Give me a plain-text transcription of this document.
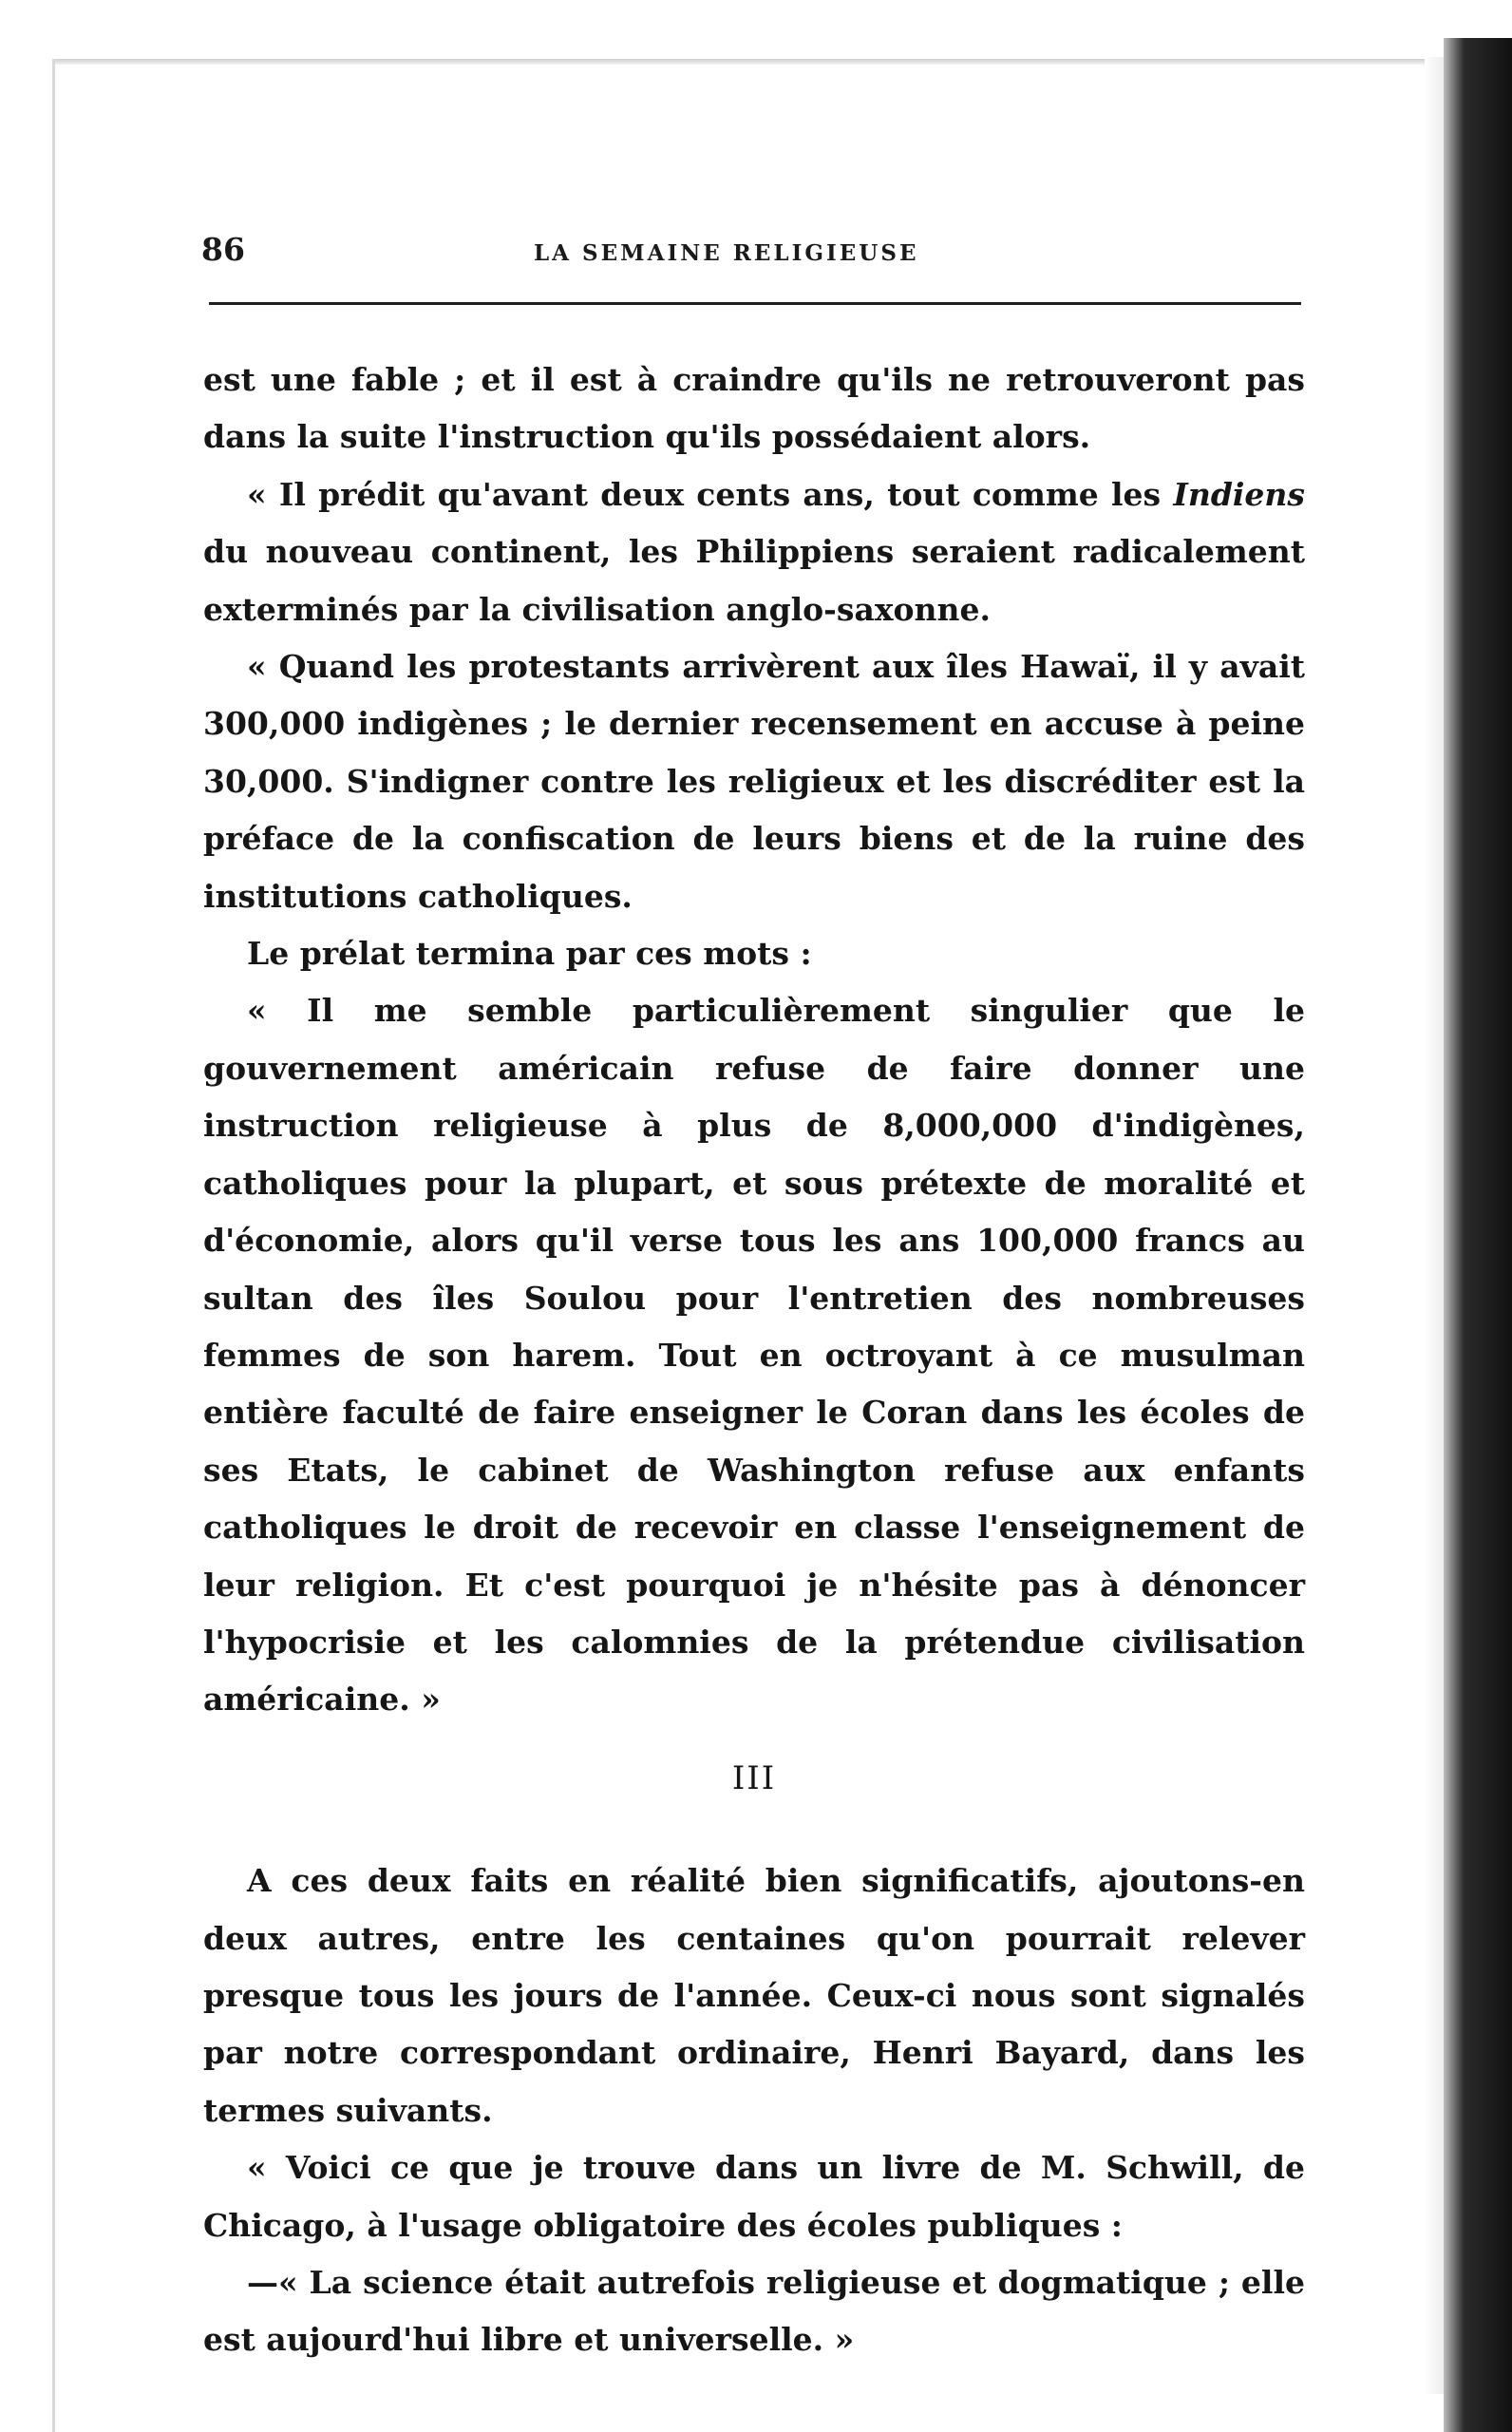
86	LA SEMAINE RELIGIEUSE

est une fable ; et il est à craindre qu'ils ne retrouveront pas dans la suite l'instruction qu'ils possédaient alors.

« Il prédit qu'avant deux cents ans, tout comme les Indiens du nouveau continent, les Philippiens seraient radicalement exterminés par la civilisation anglo-saxonne.

« Quand les protestants arrivèrent aux îles Hawaï, il y avait 300,000 indigènes ; le dernier recensement en accuse à peine 30,000. S'indigner contre les religieux et les discréditer est la préface de la confiscation de leurs biens et de la ruine des institutions catholiques.

Le prélat termina par ces mots :

« Il me semble particulièrement singulier que le gouvernement américain refuse de faire donner une instruction religieuse à plus de 8,000,000 d'indigènes, catholiques pour la plupart, et sous prétexte de moralité et d'économie, alors qu'il verse tous les ans 100,000 francs au sultan des îles Soulou pour l'entretien des nombreuses femmes de son harem. Tout en octroyant à ce musulman entière faculté de faire enseigner le Coran dans les écoles de ses Etats, le cabinet de Washington refuse aux enfants catholiques le droit de recevoir en classe l'enseignement de leur religion. Et c'est pourquoi je n'hésite pas à dénoncer l'hypocrisie et les calomnies de la prétendue civilisation américaine. »

III

A ces deux faits en réalité bien significatifs, ajoutons-en deux autres, entre les centaines qu'on pourrait relever presque tous les jours de l'année. Ceux-ci nous sont signalés par notre correspondant ordinaire, Henri Bayard, dans les termes suivants.

« Voici ce que je trouve dans un livre de M. Schwill, de Chicago, à l'usage obligatoire des écoles publiques :

—« La science était autrefois religieuse et dogmatique ; elle est aujourd'hui libre et universelle. »
